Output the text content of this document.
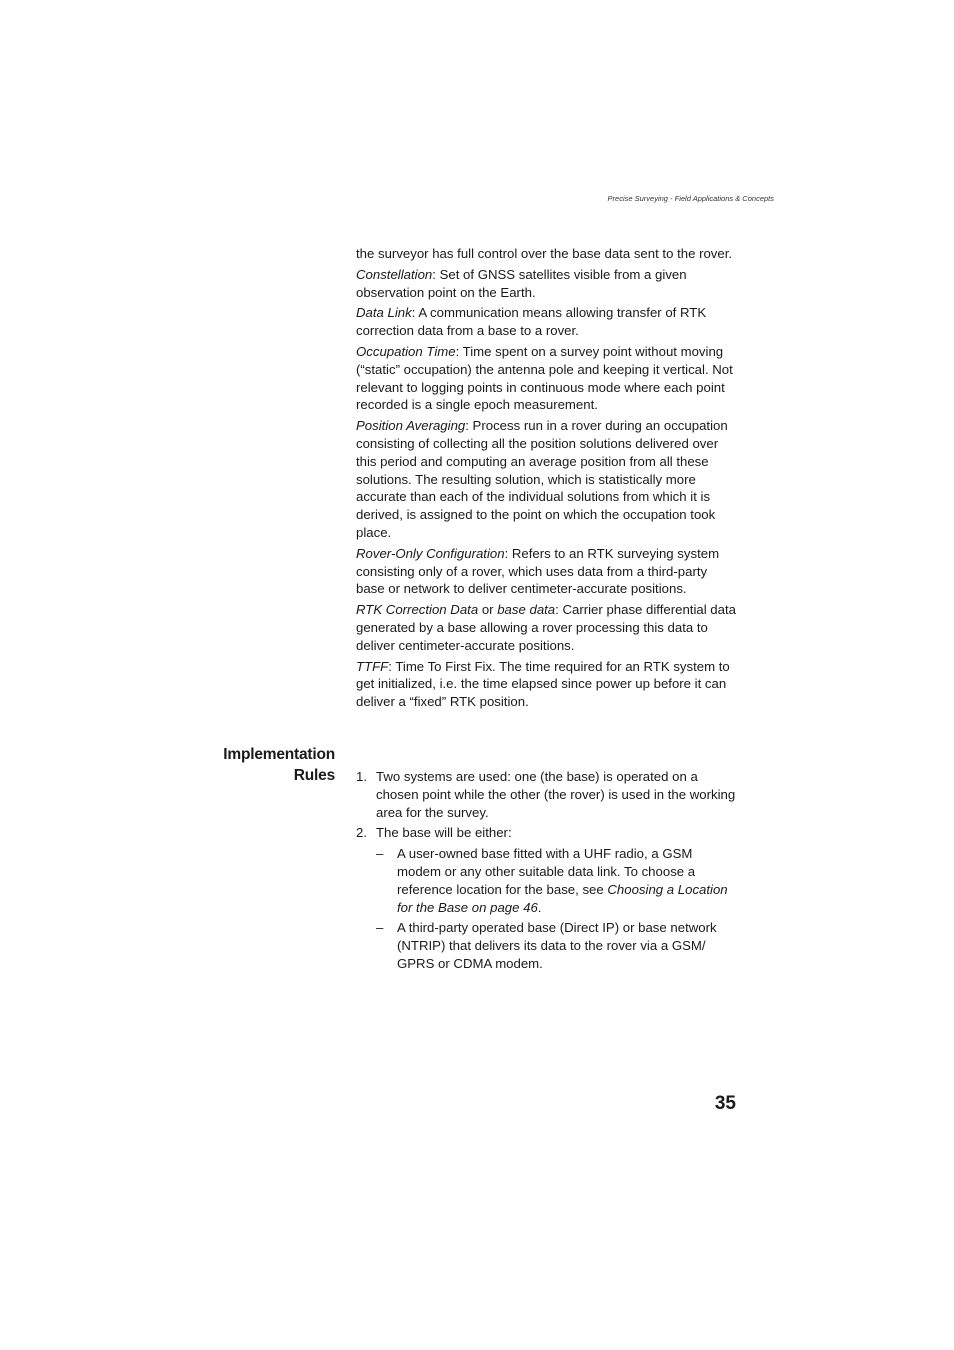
Precise Surveying - Field Applications & Concepts

the surveyor has full control over the base data sent to the rover.

Constellation: Set of GNSS satellites visible from a given observation point on the Earth.

Data Link: A communication means allowing transfer of RTK correction data from a base to a rover.

Occupation Time: Time spent on a survey point without moving (“static” occupation) the antenna pole and keeping it vertical. Not relevant to logging points in continuous mode where each point recorded is a single epoch measurement.

Position Averaging: Process run in a rover during an occupation consisting of collecting all the position solutions delivered over this period and computing an average position from all these solutions. The resulting solution, which is statistically more accurate than each of the individual solutions from which it is derived, is assigned to the point on which the occupation took place.

Rover-Only Configuration: Refers to an RTK surveying system consisting only of a rover, which uses data from a third-party base or network to deliver centimeter-accurate positions.

RTK Correction Data or base data: Carrier phase differential data generated by a base allowing a rover processing this data to deliver centimeter-accurate positions.

TTFF: Time To First Fix. The time required for an RTK system to get initialized, i.e. the time elapsed since power up before it can deliver a “fixed” RTK position.

Implementation
Rules 1. Two systems are used: one (the base) is operated on a chosen point while the other (the rover) is used in the working area for the survey.
2. The base will be either:
– A user-owned base fitted with a UHF radio, a GSM modem or any other suitable data link. To choose a reference location for the base, see Choosing a Location for the Base on page 46.
– A third-party operated base (Direct IP) or base network (NTRIP) that delivers its data to the rover via a GSM/ GPRS or CDMA modem.
35
